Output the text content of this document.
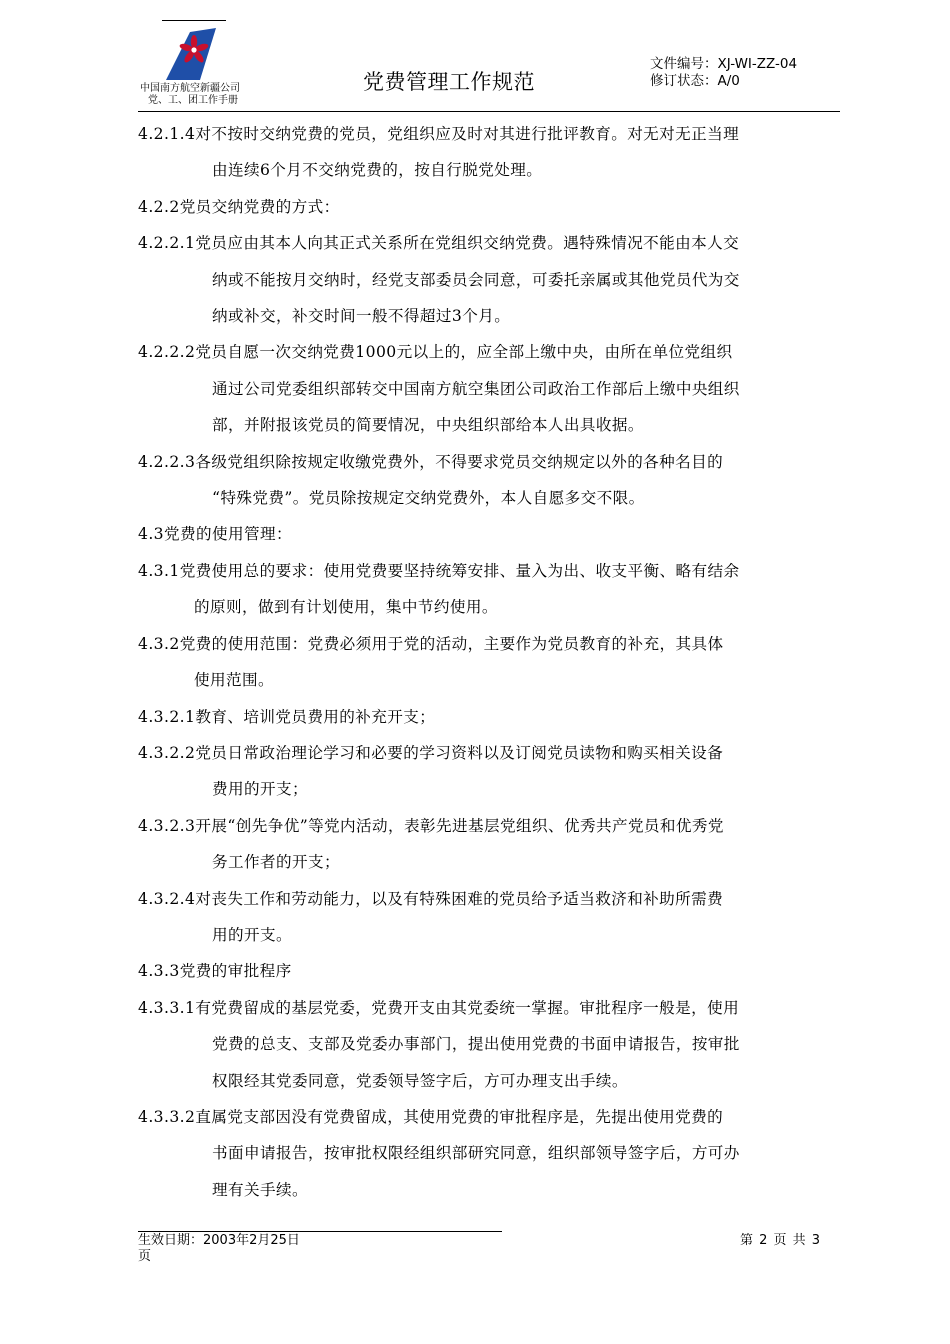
中国南方航空新疆公司
党、工、团工作手册
党费管理工作规范
文件编号：XJ-WI-ZZ-04
修订状态：A/0
4.2.1.4对不按时交纳党费的党员，党组织应及时对其进行批评教育。对无对无正当理
由连续6个月不交纳党费的，按自行脱党处理。
4.2.2党员交纳党费的方式：
4.2.2.1党员应由其本人向其正式关系所在党组织交纳党费。遇特殊情况不能由本人交
纳或不能按月交纳时，经党支部委员会同意，可委托亲属或其他党员代为交
纳或补交，补交时间一般不得超过3个月。
4.2.2.2党员自愿一次交纳党费1000元以上的，应全部上缴中央，由所在单位党组织
通过公司党委组织部转交中国南方航空集团公司政治工作部后上缴中央组织
部，并附报该党员的简要情况，中央组织部给本人出具收据。
4.2.2.3各级党组织除按规定收缴党费外，不得要求党员交纳规定以外的各种名目的
“特殊党费”。党员除按规定交纳党费外，本人自愿多交不限。
4.3党费的使用管理：
4.3.1党费使用总的要求：使用党费要坚持统筹安排、量入为出、收支平衡、略有结余
的原则，做到有计划使用，集中节约使用。
4.3.2党费的使用范围：党费必须用于党的活动，主要作为党员教育的补充，其具体
使用范围。
4.3.2.1教育、培训党员费用的补充开支；
4.3.2.2党员日常政治理论学习和必要的学习资料以及订阅党员读物和购买相关设备
费用的开支；
4.3.2.3开展“创先争优”等党内活动，表彰先进基层党组织、优秀共产党员和优秀党
务工作者的开支；
4.3.2.4对丧失工作和劳动能力，以及有特殊困难的党员给予适当救济和补助所需费
用的开支。
4.3.3党费的审批程序
4.3.3.1有党费留成的基层党委，党费开支由其党委统一掌握。审批程序一般是，使用
党费的总支、支部及党委办事部门，提出使用党费的书面申请报告，按审批
权限经其党委同意，党委领导签字后，方可办理支出手续。
4.3.3.2直属党支部因没有党费留成，其使用党费的审批程序是，先提出使用党费的
书面申请报告，按审批权限经组织部研究同意，组织部领导签字后，方可办
理有关手续。
生效日期：2003年2月25日
页
第 2 页 共 3
